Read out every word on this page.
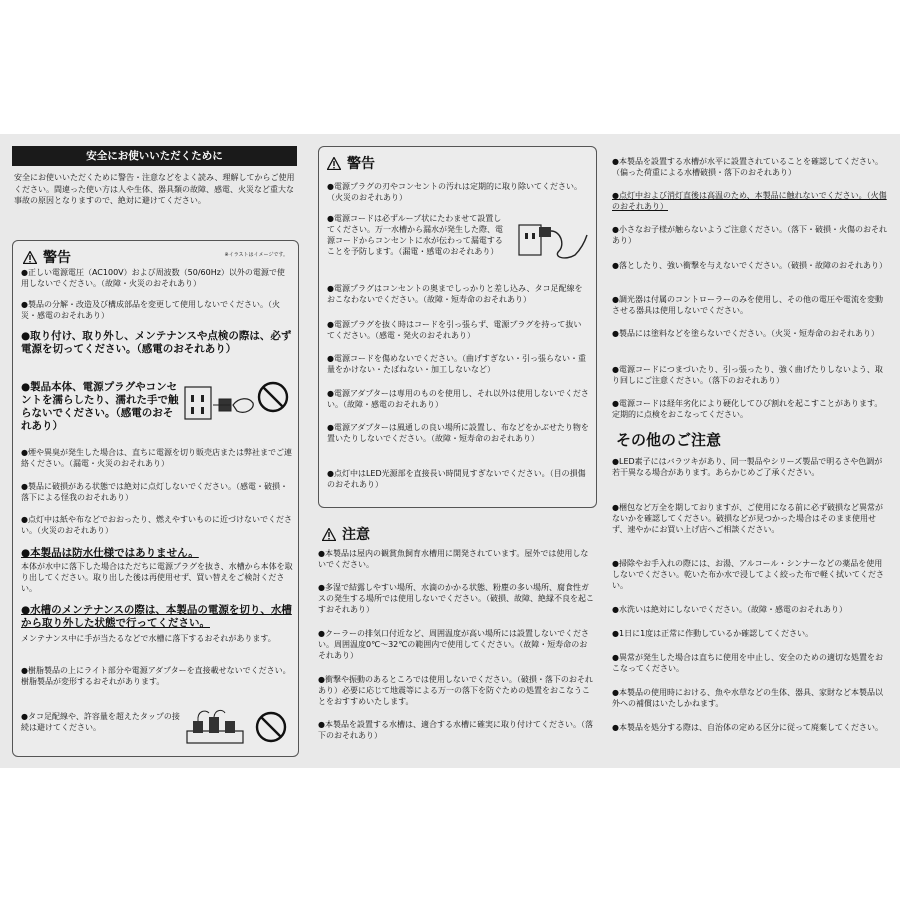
安全にお使いいただくために
安全にお使いいただくために警告・注意などをよく読み、理解してからご使用ください。間違った使い方は人や生体、器具類の故障、感電、火災など重大な事故の原因となりますので、絶対に避けてください。
警告	※イラストはイメージです。
●正しい電源電圧（AC100V）および周波数（50/60Hz）以外の電源で使用しないでください。（故障・火災のおそれあり）
●製品の分解・改造及び構成部品を変更して使用しないでください。（火災・感電のおそれあり）
●取り付け、取り外し、メンテナンスや点検の際は、必ず電源を切ってください。（感電のおそれあり）
●製品本体、電源プラグやコンセントを濡らしたり、濡れた手で触らないでください。（感電のおそれあり）
●煙や異臭が発生した場合は、直ちに電源を切り販売店または弊社までご連絡ください。（漏電・火災のおそれあり）
●製品に破損がある状態では絶対に点灯しないでください。（感電・破損・落下による怪我のおそれあり）
●点灯中は紙や布などでおおったり、燃えやすいものに近づけないでください。（火災のおそれあり）
●本製品は防水仕様ではありません。
本体が水中に落下した場合はただちに電源プラグを抜き、水槽から本体を取り出してください。取り出した後は再使用せず、買い替えをご検討ください。
●水槽のメンテナンスの際は、本製品の電源を切り、水槽から取り外した状態で行ってください。
メンテナンス中に手が当たるなどで水槽に落下するおそれがあります。
●樹脂製品の上にライト部分や電源アダプターを直接載せないでください。樹脂製品が変形するおそれがあります。
●タコ足配線や、許容量を超えたタップの接続は避けてください。
警告
●電源プラグの刃やコンセントの汚れは定期的に取り除いてください。（火災のおそれあり）
●電源コードは必ずループ状にたわませて設置してください。万一水槽から漏水が発生した際、電源コードからコンセントに水が伝わって漏電することを予防します。（漏電・感電のおそれあり）
●電源プラグはコンセントの奥までしっかりと差し込み、タコ足配線をおこなわないでください。（故障・短寿命のおそれあり）
●電源プラグを抜く時はコードを引っ張らず、電源プラグを持って抜いてください。（感電・発火のおそれあり）
●電源コードを傷めないでください。（曲げすぎない・引っ張らない・重量をかけない・たばねない・加工しないなど）
●電源アダプターは専用のものを使用し、それ以外は使用しないでください。（故障・感電のおそれあり）
●電源アダプターは風通しの良い場所に設置し、布などをかぶせたり物を置いたりしないでください。（故障・短寿命のおそれあり）
●点灯中はLED光源部を直接長い時間見すぎないでください。（目の損傷のおそれあり）
注意
●本製品は屋内の観賞魚飼育水槽用に開発されています。屋外では使用しないでください。
●多湿で結露しやすい場所、水滴のかかる状態、粉塵の多い場所、腐食性ガスの発生する場所では使用しないでください。（破損、故障、絶縁不良を起こすおそれあり）
●クーラーの排気口付近など、周囲温度が高い場所には設置しないでください。周囲温度0℃〜32℃の範囲内で使用してください。（故障・短寿命のおそれあり）
●衝撃や振動のあるところでは使用しないでください。（破損・落下のおそれあり）必要に応じて地震等による万一の落下を防ぐための処置をおこなうことをおすすめいたします。
●本製品を設置する水槽は、適合する水槽に確実に取り付けてください。（落下のおそれあり）
●本製品を設置する水槽が水平に設置されていることを確認してください。（偏った荷重による水槽破損・落下のおそれあり）
●点灯中および消灯直後は高温のため、本製品に触れないでください。（火傷のおそれあり）
●小さなお子様が触らないようご注意ください。（落下・破損・火傷のおそれあり）
●落としたり、強い衝撃を与えないでください。（破損・故障のおそれあり）
●調光器は付属のコントローラーのみを使用し、その他の電圧や電流を変動させる器具は使用しないでください。
●製品には塗料などを塗らないでください。（火災・短寿命のおそれあり）
●電源コードにつまづいたり、引っ張ったり、強く曲げたりしないよう、取り回しにご注意ください。（落下のおそれあり）
●電源コードは経年劣化により硬化してひび割れを起こすことがあります。定期的に点検をおこなってください。
その他のご注意
●LED素子にはバラツキがあり、同一製品やシリーズ製品で明るさや色調が若干異なる場合があります。あらかじめご了承ください。
●梱包など万全を期しておりますが、ご使用になる前に必ず破損など異常がないかを確認してください。破損などが見つかった場合はそのまま使用せず、速やかにお買い上げ店へご相談ください。
●掃除やお手入れの際には、お湯、アルコール・シンナーなどの薬品を使用しないでください。乾いた布か水で浸してよく絞った布で軽く拭いてください。
●水洗いは絶対にしないでください。（故障・感電のおそれあり）
●1日に1度は正常に作動しているか確認してください。
●異常が発生した場合は直ちに使用を中止し、安全のための適切な処置をおこなってください。
●本製品の使用時における、魚や水草などの生体、器具、家財など本製品以外への補償はいたしかねます。
●本製品を処分する際は、自治体の定める区分に従って廃棄してください。
